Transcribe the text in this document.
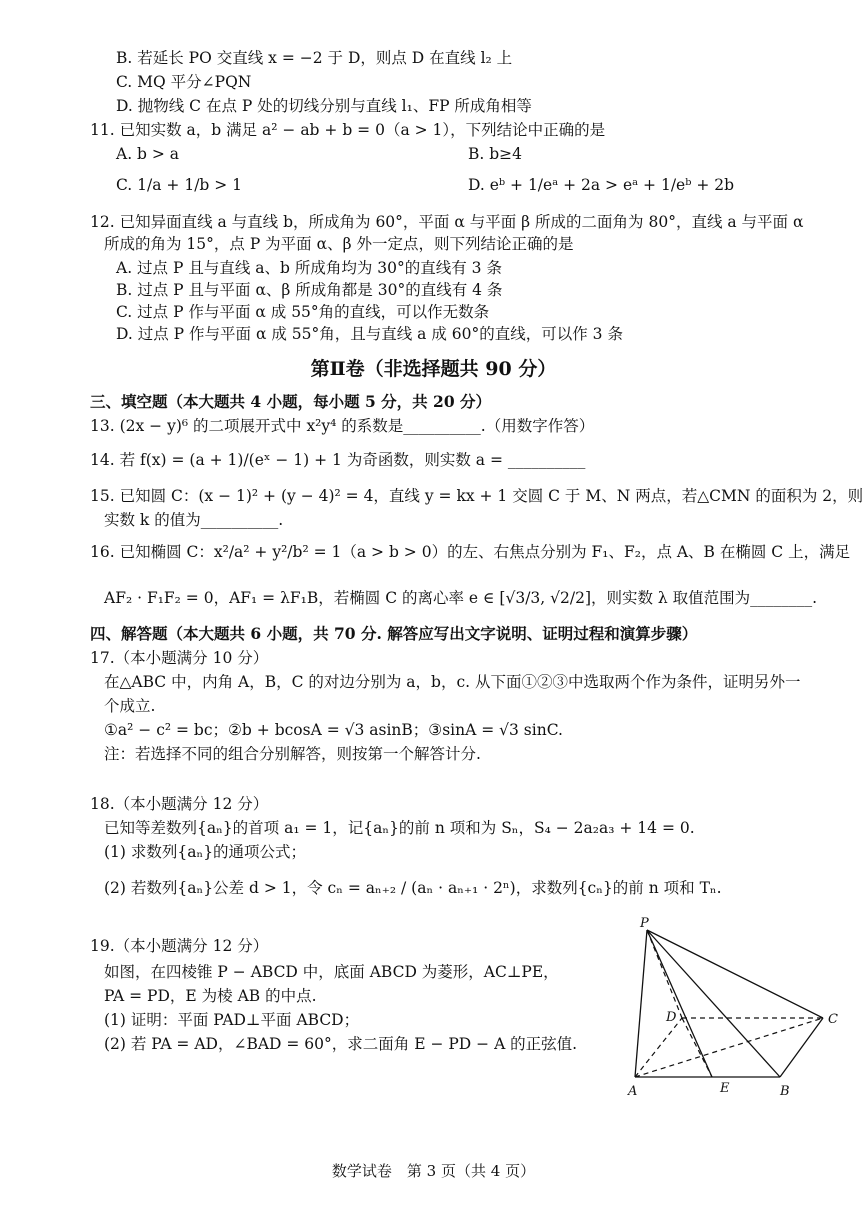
B. 若延长 PO 交直线 x = −2 于 D，则点 D 在直线 l₂ 上
C. MQ 平分∠PQN
D. 抛物线 C 在点 P 处的切线分别与直线 l₁、FP 所成角相等
11. 已知实数 a，b 满足 a² − ab + b = 0（a > 1），下列结论中正确的是
A. b > a	B. b≥4
C. 1/a + 1/b > 1	D. eᵇ + 1/eᵃ + 2a > eᵃ + 1/eᵇ + 2b
12. 已知异面直线 a 与直线 b，所成角为 60°，平面 α 与平面 β 所成的二面角为 80°，直线 a 与平面 α
所成的角为 15°，点 P 为平面 α、β 外一定点，则下列结论正确的是
A. 过点 P 且与直线 a、b 所成角均为 30°的直线有 3 条
B. 过点 P 且与平面 α、β 所成角都是 30°的直线有 4 条
C. 过点 P 作与平面 α 成 55°角的直线，可以作无数条
D. 过点 P 作与平面 α 成 55°角，且与直线 a 成 60°的直线，可以作 3 条
第Ⅱ卷（非选择题共 90 分）
三、填空题（本大题共 4 小题，每小题 5 分，共 20 分）
13. (2x − y)⁶ 的二项展开式中 x²y⁴ 的系数是__________.（用数字作答）
14. 若 f(x) = (a + 1)/(eˣ − 1) + 1 为奇函数，则实数 a = __________
15. 已知圆 C：(x − 1)² + (y − 4)² = 4，直线 y = kx + 1 交圆 C 于 M、N 两点，若△CMN 的面积为 2，则
实数 k 的值为__________.
16. 已知椭圆 C：x²/a² + y²/b² = 1（a > b > 0）的左、右焦点分别为 F₁、F₂，点 A、B 在椭圆 C 上，满足
AF₂ · F₁F₂ = 0，AF₁ = λF₁B，若椭圆 C 的离心率 e ∈ [√3/3, √2/2]，则实数 λ 取值范围为________.
四、解答题（本大题共 6 小题，共 70 分. 解答应写出文字说明、证明过程和演算步骤）
17.（本小题满分 10 分）
在△ABC 中，内角 A，B，C 的对边分别为 a，b，c. 从下面①②③中选取两个作为条件，证明另外一
个成立.
①a² − c² = bc；②b + bcosA = √3 asinB；③sinA = √3 sinC.
注：若选择不同的组合分别解答，则按第一个解答计分.
18.（本小题满分 12 分）
已知等差数列{aₙ}的首项 a₁ = 1，记{aₙ}的前 n 项和为 Sₙ，S₄ − 2a₂a₃ + 14 = 0.
(1) 求数列{aₙ}的通项公式；
(2) 若数列{aₙ}公差 d > 1，令 cₙ = aₙ₊₂ / (aₙ · aₙ₊₁ · 2ⁿ)，求数列{cₙ}的前 n 项和 Tₙ.
19.（本小题满分 12 分）
如图，在四棱锥 P − ABCD 中，底面 ABCD 为菱形，AC⊥PE，
PA = PD，E 为棱 AB 的中点.
(1) 证明：平面 PAD⊥平面 ABCD；
(2) 若 PA = AD，∠BAD = 60°，求二面角 E − PD − A 的正弦值.
P
D	C
A	E	B
数学试卷　第 3 页（共 4 页）
